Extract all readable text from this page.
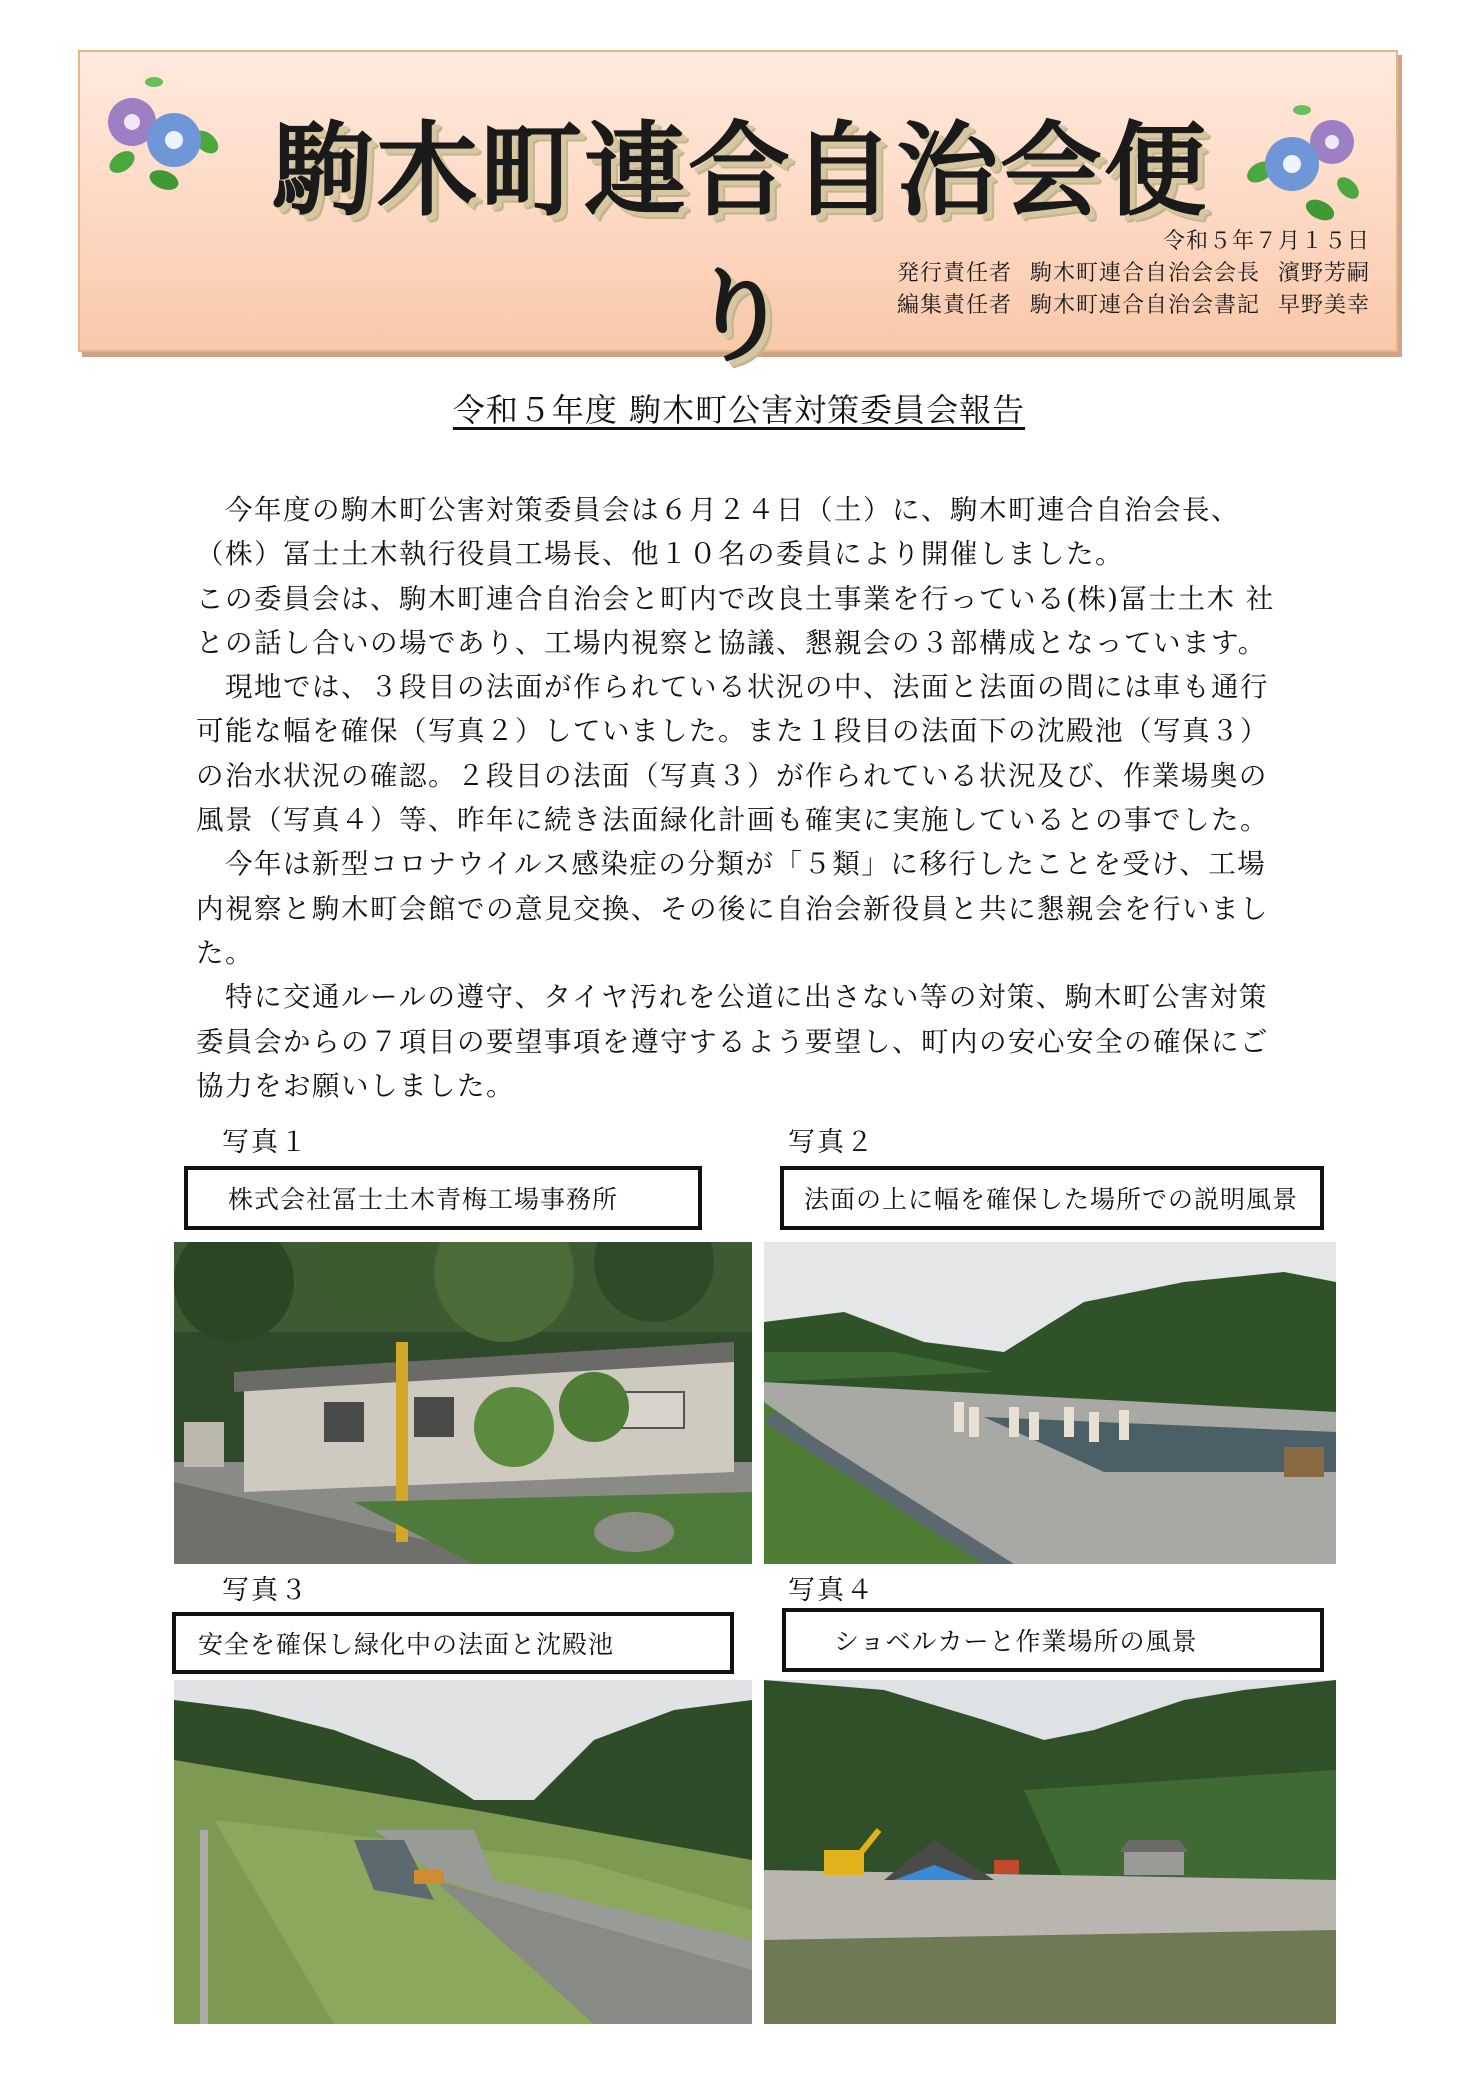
駒木町連合自治会便り
令和５年７月１５日
発行責任者 駒木町連合自治会会長 濱野芳嗣
編集責任者 駒木町連合自治会書記 早野美幸
令和５年度 駒木町公害対策委員会報告

　今年度の駒木町公害対策委員会は６月２４日（土）に、駒木町連合自治会長、

（株）冨士土木執行役員工場長、他１０名の委員により開催しました。

この委員会は、駒木町連合自治会と町内で改良土事業を行っている(株)冨士土木 社

との話し合いの場であり、工場内視察と協議、懇親会の３部構成となっています。

　現地では、３段目の法面が作られている状況の中、法面と法面の間には車も通行

可能な幅を確保（写真２）していました。また１段目の法面下の沈殿池（写真３）

の治水状況の確認。２段目の法面（写真３）が作られている状況及び、作業場奥の

風景（写真４）等、昨年に続き法面緑化計画も確実に実施しているとの事でした。

　今年は新型コロナウイルス感染症の分類が「５類」に移行したことを受け、工場

内視察と駒木町会館での意見交換、その後に自治会新役員と共に懇親会を行いまし

た。

　特に交通ルールの遵守、タイヤ汚れを公道に出さない等の対策、駒木町公害対策

委員会からの７項目の要望事項を遵守するよう要望し、町内の安心安全の確保にご

協力をお願いしました。

写真１
株式会社冨士土木青梅工場事務所
写真２
法面の上に幅を確保した場所での説明風景
写真３
安全を確保し緑化中の法面と沈殿池
写真４
ショベルカーと作業場所の風景
